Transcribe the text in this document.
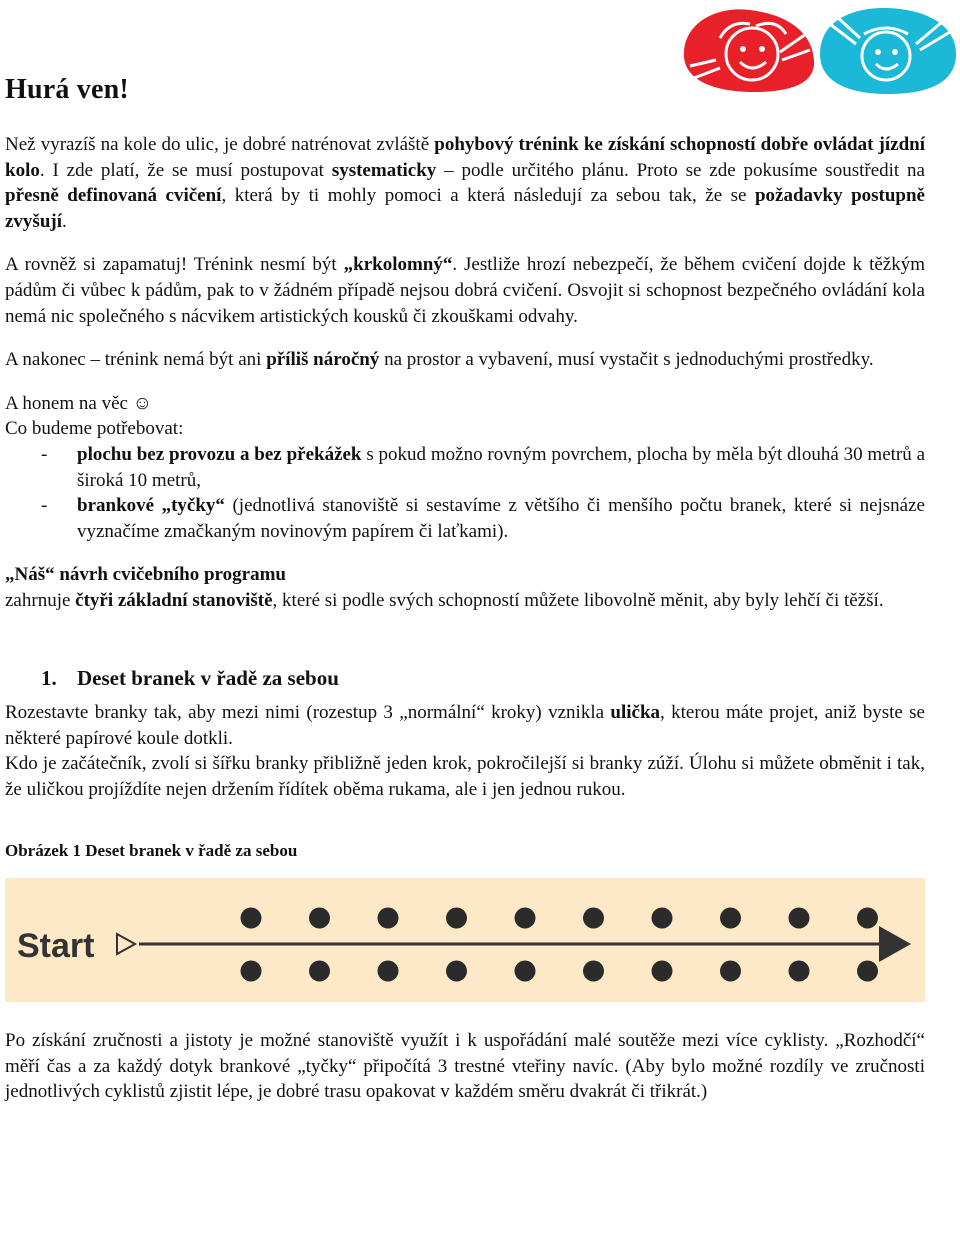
Hurá ven!

Než vyrazíš na kole do ulic, je dobré natrénovat zvláště pohybový trénink ke získání schopností dobře ovládat jízdní kolo. I zde platí, že se musí postupovat systematicky – podle určitého plánu. Proto se zde pokusíme soustředit na přesně definovaná cvičení, která by ti mohly pomoci a která následují za sebou tak, že se požadavky postupně zvyšují.

A rovněž si zapamatuj! Trénink nesmí být „krkolomný“. Jestliže hrozí nebezpečí, že během cvičení dojde k těžkým pádům či vůbec k pádům, pak to v žádném případě nejsou dobrá cvičení. Osvojit si schopnost bezpečného ovládání kola nemá nic společného s nácvikem artistických kousků či zkouškami odvahy.

A nakonec – trénink nemá být ani příliš náročný na prostor a vybavení, musí vystačit s jednoduchými prostředky.

A honem na věc ☺

Co budeme potřebovat:

- plochu bez provozu a bez překážek s pokud možno rovným povrchem, plocha by měla být dlouhá 30 metrů a široká 10 metrů,
- brankové „tyčky“ (jednotlivá stanoviště si sestavíme z většího či menšího počtu branek, které si nejsnáze vyznačíme zmačkaným novinovým papírem či laťkami).

„Náš“ návrh cvičebního programu

zahrnuje čtyři základní stanoviště, které si podle svých schopností můžete libovolně měnit, aby byly lehčí či těžší.

1. Deset branek v řadě za sebou

Rozestavte branky tak, aby mezi nimi (rozestup 3 „normální“ kroky) vznikla ulička, kterou máte projet, aniž byste se některé papírové koule dotkli.

Kdo je začátečník, zvolí si šířku branky přibližně jeden krok, pokročilejší si branky zúží. Úlohu si můžete obměnit i tak, že uličkou projíždíte nejen držením řídítek oběma rukama, ale i jen jednou rukou.

Obrázek 1 Deset branek v řadě za sebou

Start

Po získání zručnosti a jistoty je možné stanoviště využít i k uspořádání malé soutěže mezi více cyklisty. „Rozhodčí“ měří čas a za každý dotyk brankové „tyčky“ připočítá 3 trestné vteřiny navíc. (Aby bylo možné rozdíly ve zručnosti jednotlivých cyklistů zjistit lépe, je dobré trasu opakovat v každém směru dvakrát či třikrát.)
